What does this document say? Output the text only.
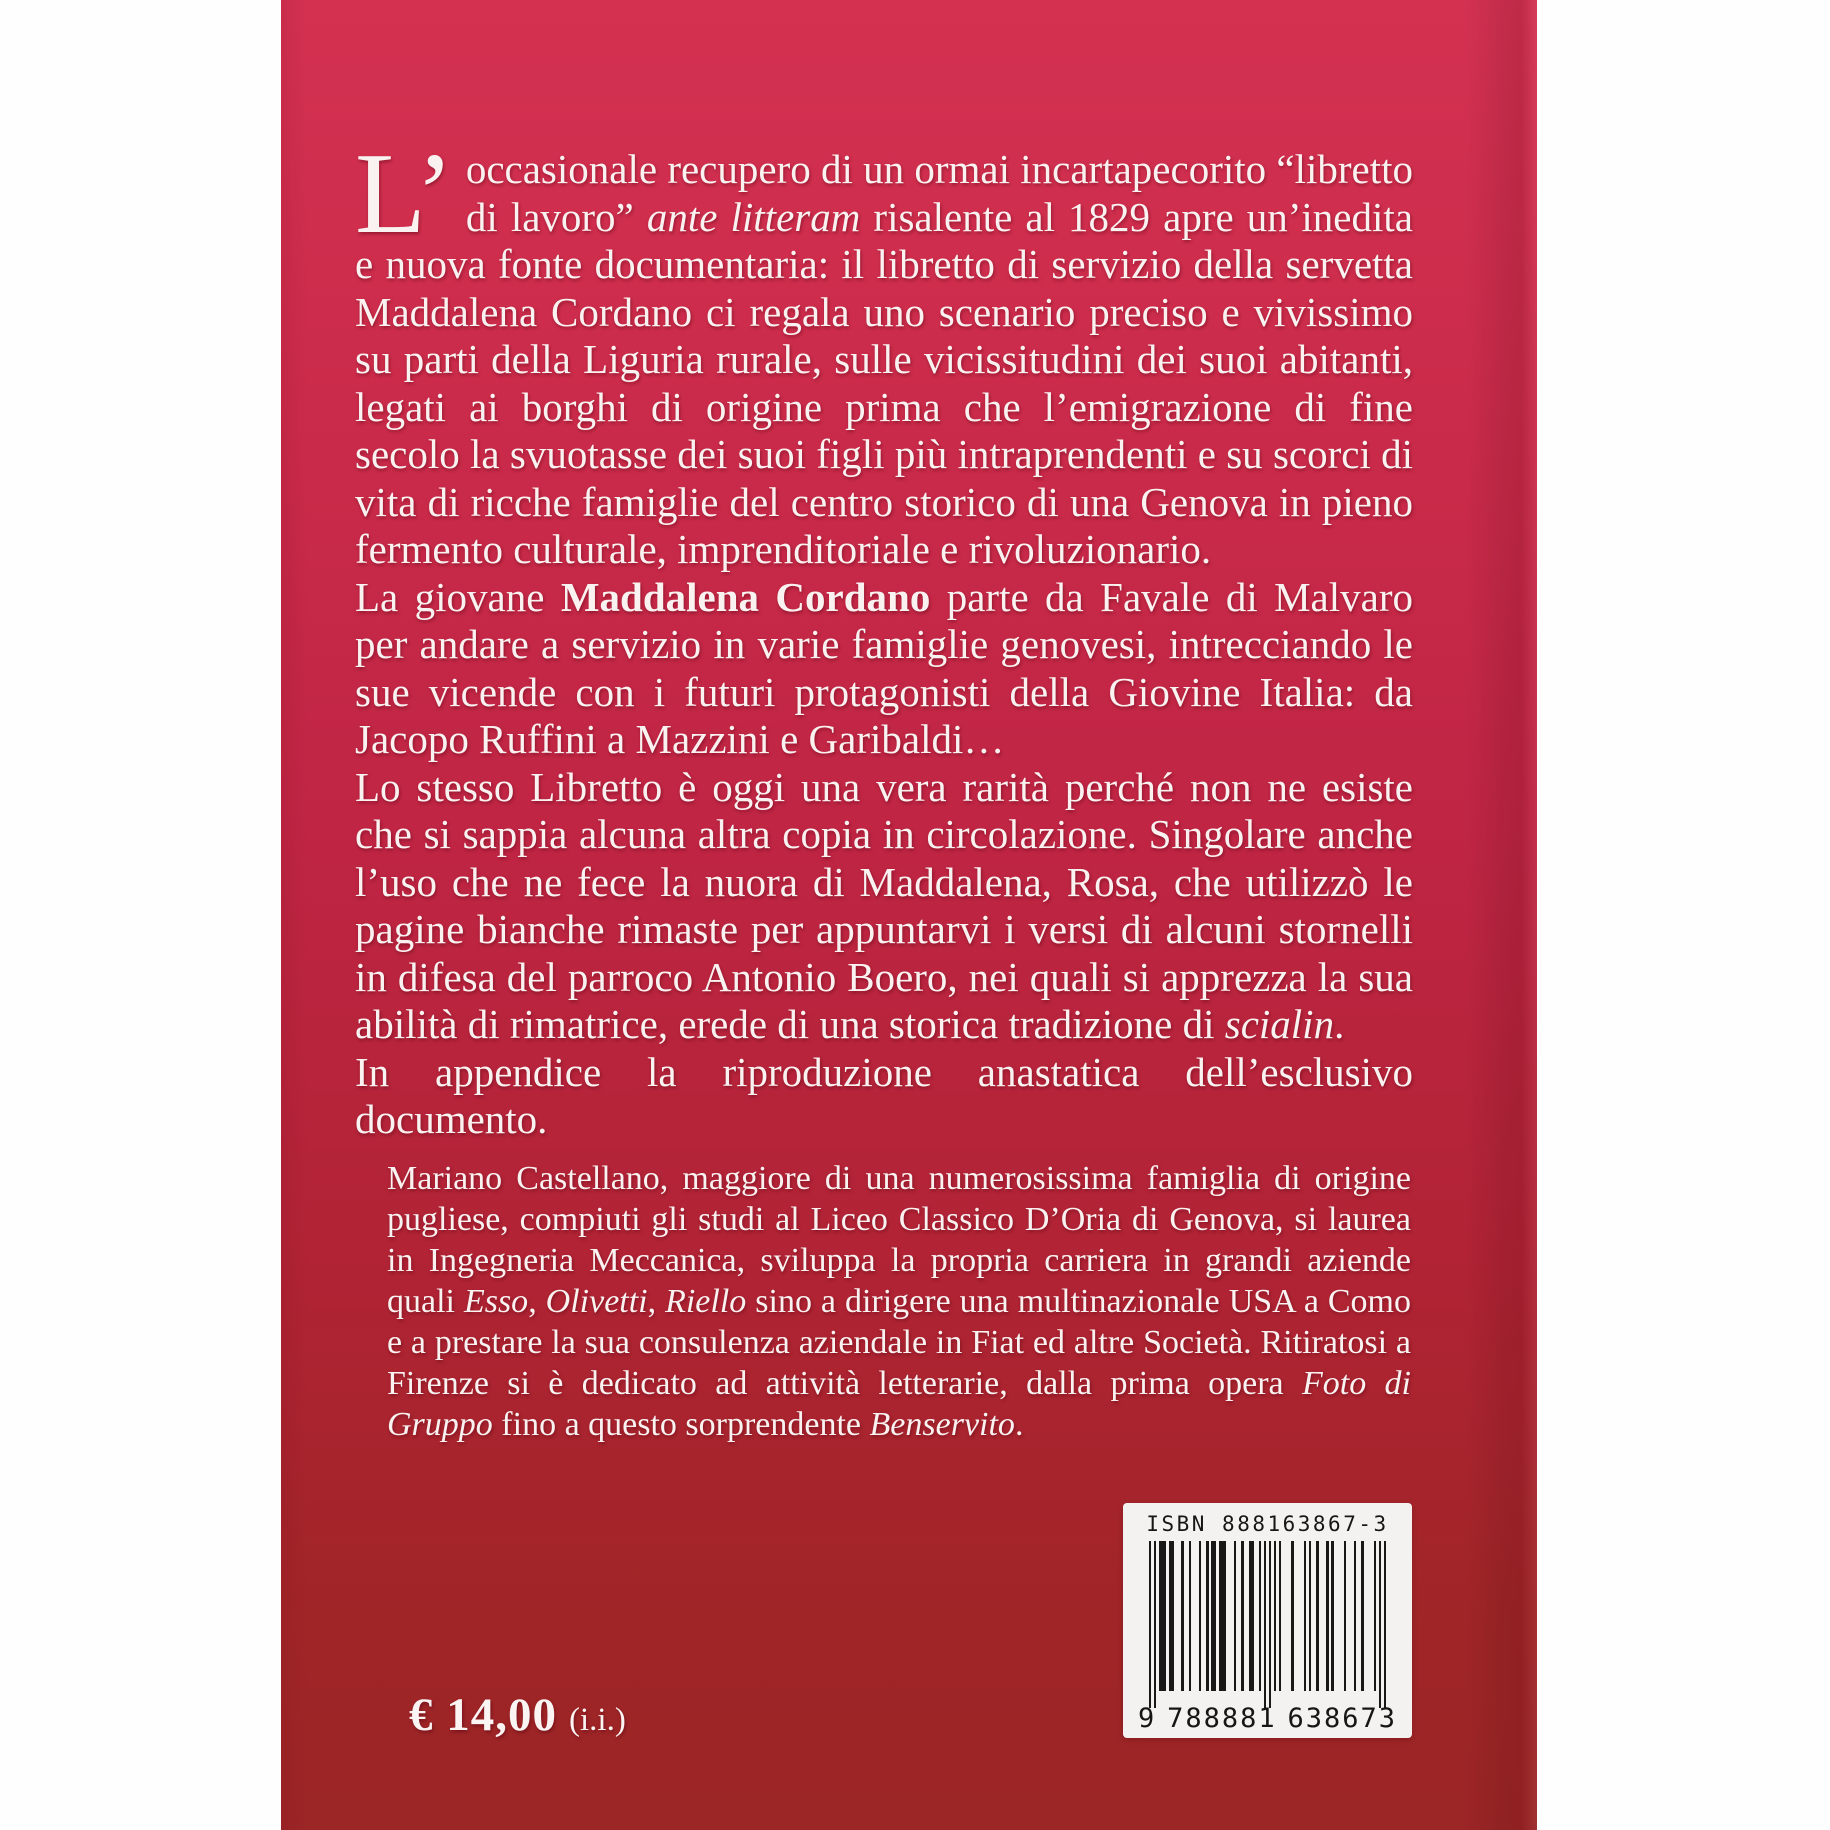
L’ occasionale recupero di un ormai incartapecorito “libretto di lavoro” ante litteram risalente al 1829 apre un’inedita e nuova fonte documentaria: il libretto di servizio della servetta Maddalena Cordano ci regala uno scenario preciso e vivissimo su parti della Liguria rurale, sulle vicissitudini dei suoi abitanti, legati ai borghi di origine prima che l’emigrazione di fine secolo la svuotasse dei suoi figli più intraprendenti e su scorci di vita di ricche famiglie del centro storico di una Genova in pieno fermento culturale, imprenditoriale e rivoluzionario.

La giovane Maddalena Cordano parte da Favale di Malvaro per andare a servizio in varie famiglie genovesi, intrecciando le sue vicende con i futuri protagonisti della Giovine Italia: da Jacopo Ruffini a Mazzini e Garibaldi…

Lo stesso Libretto è oggi una vera rarità perché non ne esiste che si sappia alcuna altra copia in circolazione. Singolare anche l’uso che ne fece la nuora di Maddalena, Rosa, che utilizzò le pagine bianche rimaste per appuntarvi i versi di alcuni stornelli in difesa del parroco Antonio Boero, nei quali si apprezza la sua abilità di rimatrice, erede di una storica tradizione di scialin.

In appendice la riproduzione anastatica dell’esclusivo documento.

Mariano Castellano, maggiore di una numerosissima famiglia di origine pugliese, compiuti gli studi al Liceo Classico D’Oria di Genova, si laurea in Ingegneria Meccanica, sviluppa la propria carriera in grandi aziende quali Esso, Olivetti, Riello sino a dirigere una multinazionale USA a Como e a prestare la sua consulenza aziendale in Fiat ed altre Società. Ritiratosi a Firenze si è dedicato ad attività letterarie, dalla prima opera Foto di Gruppo fino a questo sorprendente Benservito.

€ 14,00 (i.i.)
ISBN 888163867-3
9 788881 638673
